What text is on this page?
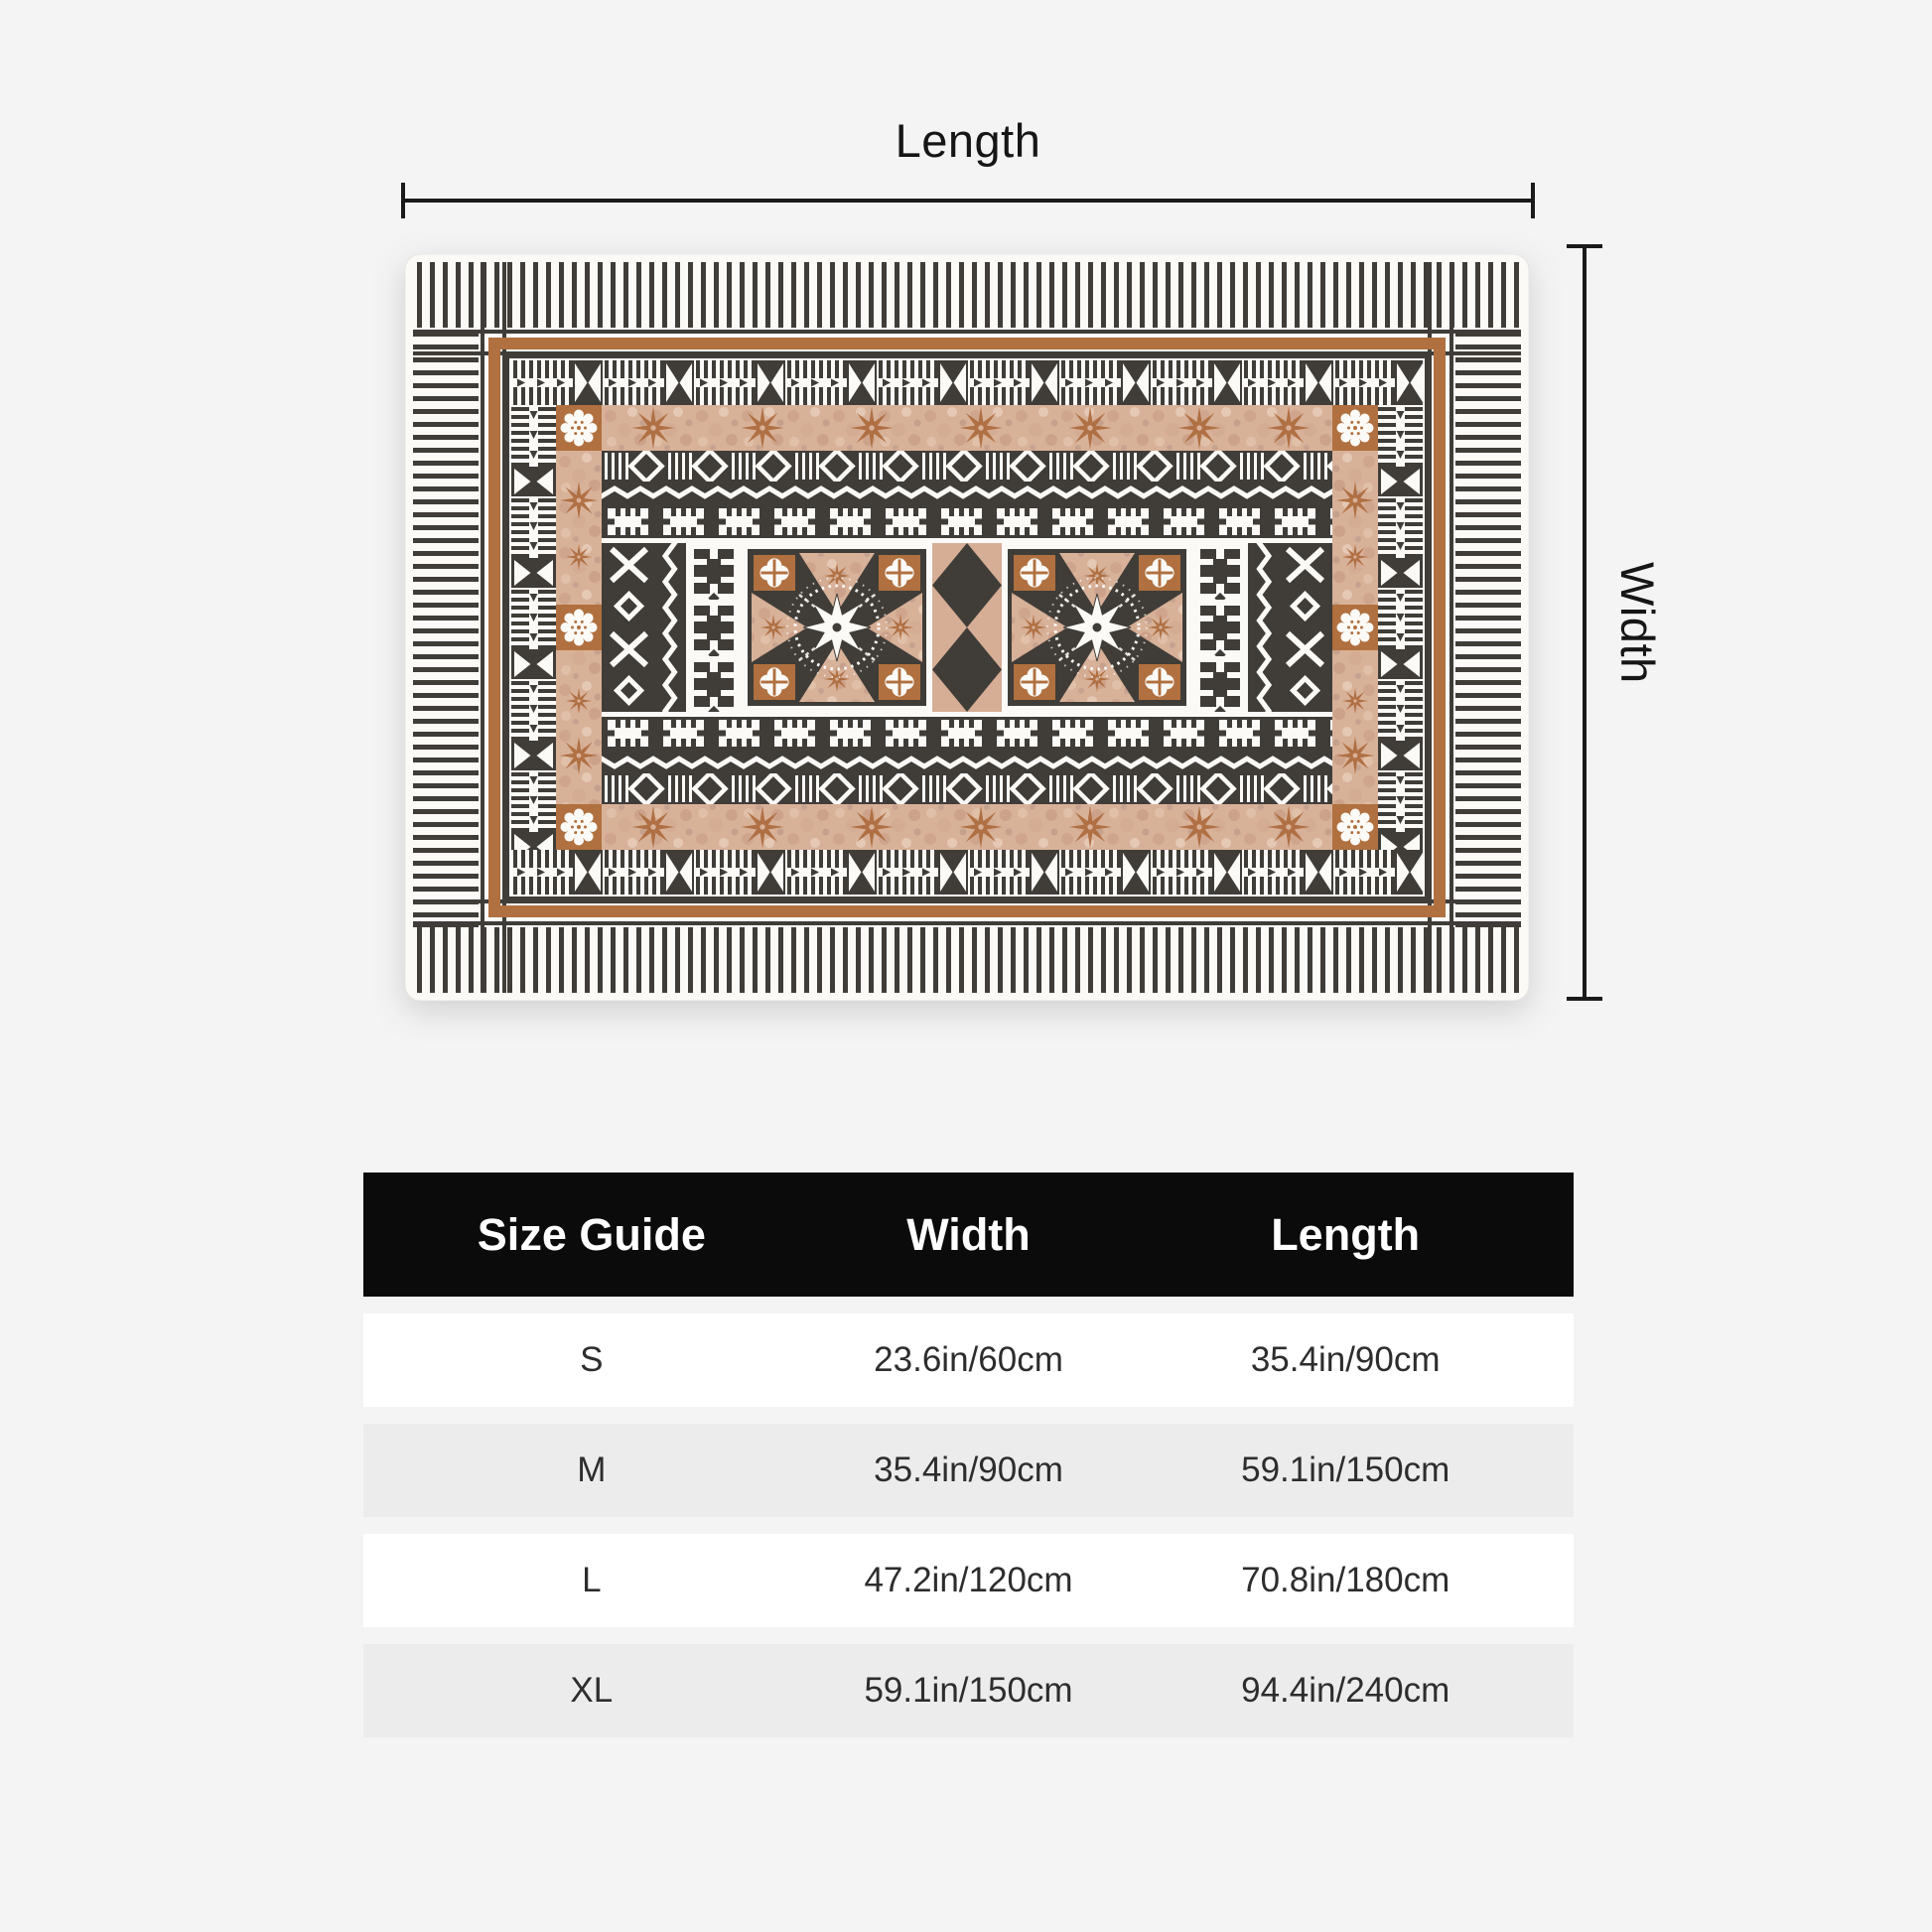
Length
Width
Size Guide	Width	Length
S	23.6in/60cm	35.4in/90cm
M	35.4in/90cm	59.1in/150cm
L	47.2in/120cm	70.8in/180cm
XL	59.1in/150cm	94.4in/240cm
